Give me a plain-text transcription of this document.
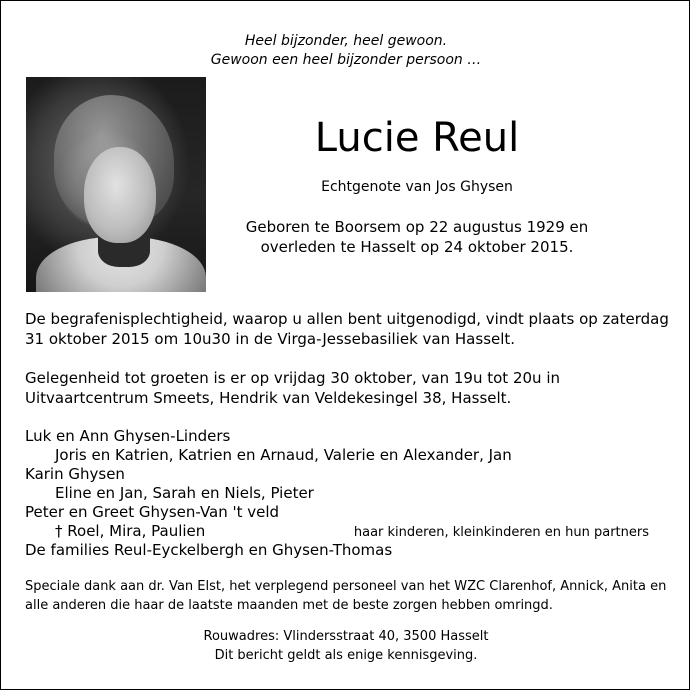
Heel bijzonder, heel gewoon.

Gewoon een heel bijzonder persoon …

Lucie Reul

Echtgenote van Jos Ghysen

Geboren te Boorsem op 22 augustus 1929 en

overleden te Hasselt op 24 oktober 2015.

De begrafenisplechtigheid, waarop u allen bent uitgenodigd, vindt plaats op zaterdag

31 oktober 2015 om 10u30 in de Virga-Jessebasiliek van Hasselt.

Gelegenheid tot groeten is er op vrijdag 30 oktober, van 19u tot 20u in

Uitvaartcentrum Smeets, Hendrik van Veldekesingel 38, Hasselt.

Luk en Ann Ghysen-Linders

Joris en Katrien, Katrien en Arnaud, Valerie en Alexander, Jan

Karin Ghysen

Eline en Jan, Sarah en Niels, Pieter

Peter en Greet Ghysen-Van 't veld

† Roel, Mira, Paulien	haar kinderen, kleinkinderen en hun partners

De families Reul-Eyckelbergh en Ghysen-Thomas

Speciale dank aan dr. Van Elst, het verplegend personeel van het WZC Clarenhof, Annick, Anita en

alle anderen die haar de laatste maanden met de beste zorgen hebben omringd.

Rouwadres: Vlindersstraat 40, 3500 Hasselt

Dit bericht geldt als enige kennisgeving.
